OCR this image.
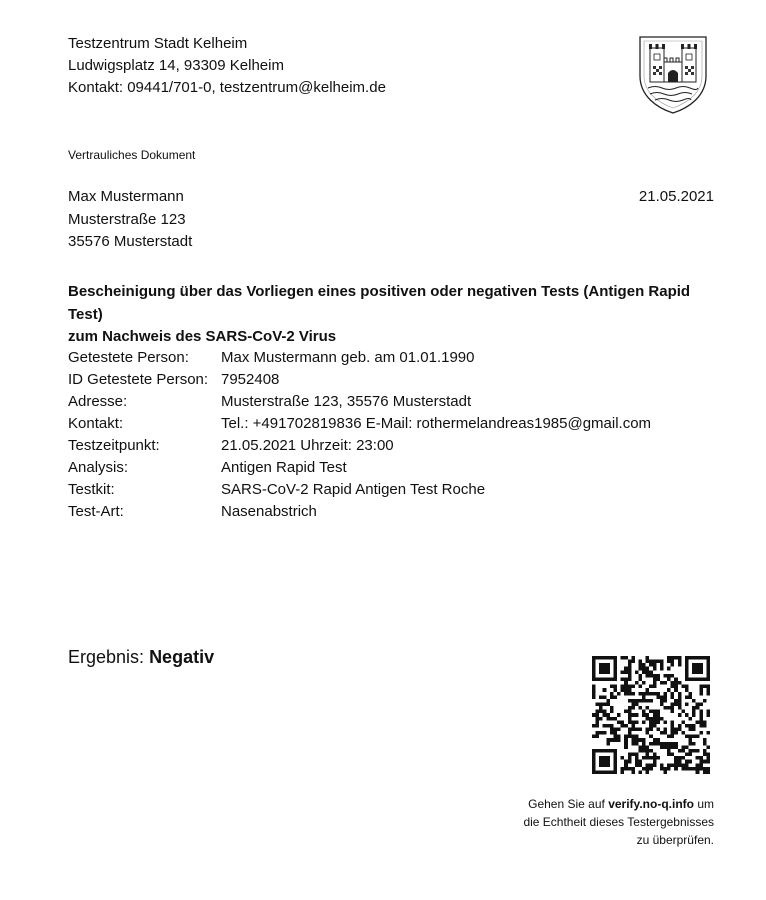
Testzentrum Stadt Kelheim
Ludwigsplatz 14, 93309 Kelheim
Kontakt: 09441/701-0, testzentrum@kelheim.de
Vertrauliches Dokument
Max Mustermann
Musterstraße 123
35576 Musterstadt
21.05.2021
Bescheinigung über das Vorliegen eines positiven oder negativen Tests (Antigen Rapid Test)
zum Nachweis des SARS-CoV-2 Virus
Getestete Person:	Max Mustermann geb. am 01.01.1990
ID Getestete Person: 7952408
Adresse:	Musterstraße 123, 35576 Musterstadt
Kontakt:	Tel.: +491702819836 E-Mail: rothermelandreas1985@gmail.com
Testzeitpunkt:	21.05.2021 Uhrzeit: 23:00
Analysis:	Antigen Rapid Test
Testkit:	SARS-CoV-2 Rapid Antigen Test Roche
Test-Art:	Nasenabstrich
Ergebnis: Negativ
Gehen Sie auf verify.no-q.info um
die Echtheit dieses Testergebnisses
zu überprüfen.
